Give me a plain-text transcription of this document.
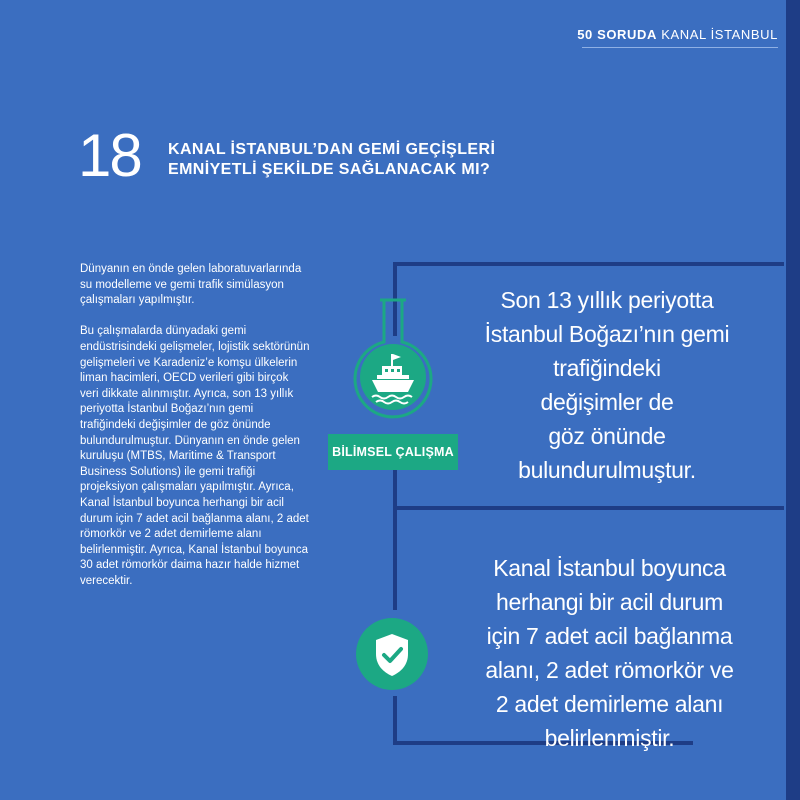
50 SORUDA KANAL İSTANBUL
18 KANAL İSTANBUL’DAN GEMİ GEÇİŞLERİ
EMNİYETLİ ŞEKİLDE SAĞLANACAK MI?

Dünyanın en önde gelen laboratuvarlarında su modelleme ve gemi trafik simülasyon çalışmaları yapılmıştır.

Bu çalışmalarda dünyadaki gemi endüstrisindeki gelişmeler, lojistik sektörünün gelişmeleri ve Karadeniz’e komşu ülkelerin liman hacimleri, OECD verileri gibi birçok veri dikkate alınmıştır. Ayrıca, son 13 yıllık periyotta İstanbul Boğazı’nın gemi trafiğindeki değişimler de göz önünde bulundurulmuştur. Dünyanın en önde gelen kuruluşu (MTBS, Maritime & Transport Business Solutions) ile gemi trafiği projeksiyon çalışmaları yapılmıştır. Ayrıca, Kanal İstanbul boyunca herhangi bir acil durum için 7 adet acil bağlanma alanı, 2 adet römorkör ve 2 adet demirleme alanı belirlenmiştir. Ayrıca, Kanal İstanbul boyunca 30 adet römorkör daima hazır halde hizmet verecektir.

BİLİMSEL ÇALIŞMA
Son 13 yıllık periyotta
İstanbul Boğazı’nın gemi
trafiğindeki
değişimler de
göz önünde
bulundurulmuştur.
Kanal İstanbul boyunca
herhangi bir acil durum
için 7 adet acil bağlanma
alanı, 2 adet römorkör ve
2 adet demirleme alanı
belirlenmiştir.
